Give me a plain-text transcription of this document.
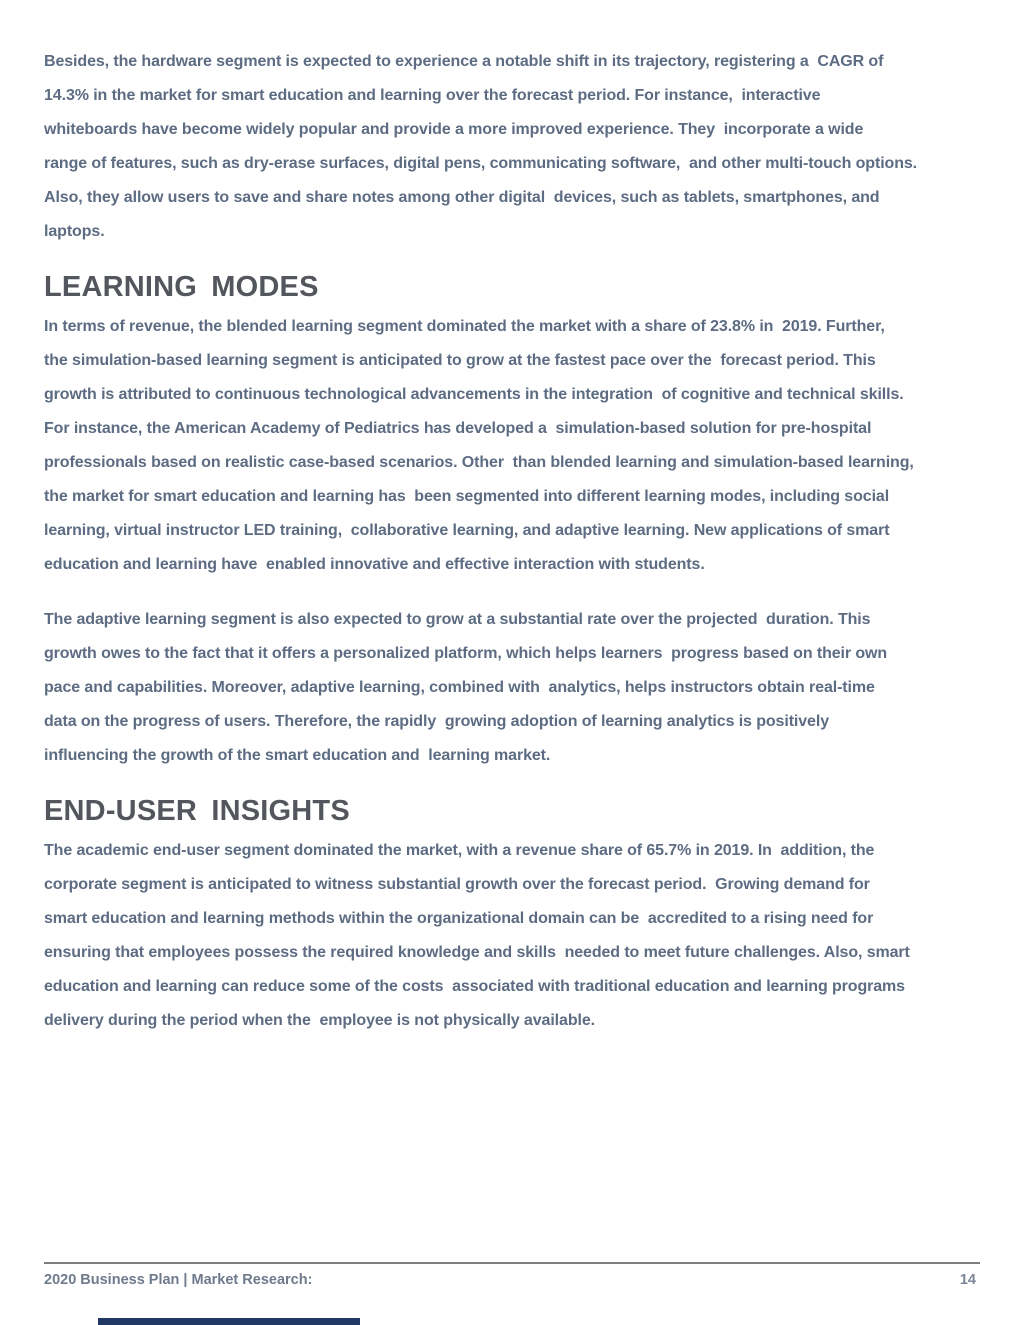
Besides, the hardware segment is expected to experience a notable shift in its trajectory, registering a  CAGR of
14.3% in the market for smart education and learning over the forecast period. For instance,  interactive
whiteboards have become widely popular and provide a more improved experience. They  incorporate a wide
range of features, such as dry-erase surfaces, digital pens, communicating software,  and other multi-touch options.
Also, they allow users to save and share notes among other digital  devices, such as tablets, smartphones, and
laptops.
LEARNING MODES
In terms of revenue, the blended learning segment dominated the market with a share of 23.8% in  2019. Further,
the simulation-based learning segment is anticipated to grow at the fastest pace over the  forecast period. This
growth is attributed to continuous technological advancements in the integration  of cognitive and technical skills.
For instance, the American Academy of Pediatrics has developed a  simulation-based solution for pre-hospital
professionals based on realistic case-based scenarios. Other  than blended learning and simulation-based learning,
the market for smart education and learning has  been segmented into different learning modes, including social
learning, virtual instructor LED training,  collaborative learning, and adaptive learning. New applications of smart
education and learning have  enabled innovative and effective interaction with students.
The adaptive learning segment is also expected to grow at a substantial rate over the projected  duration. This
growth owes to the fact that it offers a personalized platform, which helps learners  progress based on their own
pace and capabilities. Moreover, adaptive learning, combined with  analytics, helps instructors obtain real-time
data on the progress of users. Therefore, the rapidly  growing adoption of learning analytics is positively
influencing the growth of the smart education and  learning market.
END-USER INSIGHTS
The academic end-user segment dominated the market, with a revenue share of 65.7% in 2019. In  addition, the
corporate segment is anticipated to witness substantial growth over the forecast period.  Growing demand for
smart education and learning methods within the organizational domain can be  accredited to a rising need for
ensuring that employees possess the required knowledge and skills  needed to meet future challenges. Also, smart
education and learning can reduce some of the costs  associated with traditional education and learning programs
delivery during the period when the  employee is not physically available.
2020 Business Plan | Market Research:	14
